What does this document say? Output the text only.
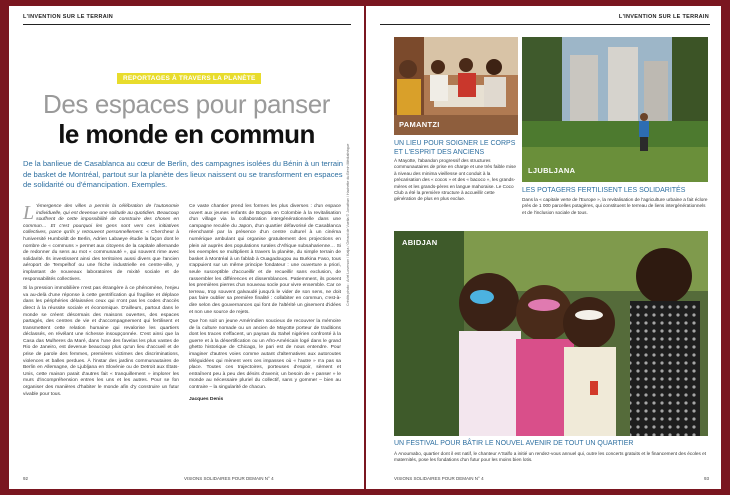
L'INVENTION SUR LE TERRAIN
REPORTAGES À TRAVERS LA PLANÈTE
Des espaces pour panser
le monde en commun
De la banlieue de Casablanca au cœur de Berlin, des campagnes isolées du Bénin à un terrain de basket de Montréal, partout sur la planète des lieux naissent ou se transforment en espaces de solidarité ou d'émancipation. Exemples.

L 'émergence des villes a permis la célébration de l'autonomie individuelle, qui est devenue une solitude au quotidien. Beaucoup souffrent de cette impossibilité de construire des choses en commun… Et c'est pourquoi les gens sont vers ces initiatives collectives, parce qu'ils y retrouvent personnellement. « Chercheur à l'université Humboldt de Berlin, Adrien Labaeye étudie la façon dont le nombre de « communs » permet aux citoyens de la capitale allemande de redonner du sens au mot « communauté », qui souvent rime avec solidarité. Ils investissent ainsi des territoires aussi divers que l'ancien aéroport de Tempelhof ou une friche industrielle en centre-ville, y implantant de nouveaux laboratoires de mixité sociale et de responsabilités collectives.

Si la pression immobilière n'est pas étrangère à ce phénomène, l'enjeu va au-delà d'une réponse à cette gentrification qui fragilise et déplace dans les périphéries délaissées ceux qui n'ont pas les codes d'accès direct à la réussite sociale et économique. D'ailleurs, partout dans le monde se créent désormais des maisons ouvertes, des espaces partagés, des centres de vie et d'accompagnement qui fertilisent et transmettent cette relation humaine qui revalorise les quartiers déclassés, en révélant une richesse insoupçonnée. C'est ainsi que la Casa das Mulheres da Maré, dans l'une des favelas les plus vastes de Rio de Janeiro, est devenue beaucoup plus qu'un lieu d'accueil et de prise de parole des femmes, premières victimes des discriminations, violences et balles perdues. À l'instar des jardins communautaires de Berlin en Allemagne, de Ljubljana en Slovénie ou de Detroit aux États-Unis, cette maison parait d'autres fait « tranquillement » implorer les murs d'incompréhension entres les uns et les autres. Pour se fon organiser des manières d'habiter le monde afin d'y construire un futur vivable pour tous.

Ce vaste chantier prend les formes les plus diverses : d'un espace ouvert aux jeunes enfants de Bogota en Colombie à la revitalisation d'un village via la collaboration intergénérationnelle dans une campagne reculée du Japon, d'un quartier défavorisé de Casablanca réenchanté par la présence d'un centre culturel à un cinéma numérique ambulant qui organise gratuitement des projections en plein air auprès des populations rurales d'Afrique subsaharienne… Si les exemples se multiplient à travers la planète, du simple terrain de basket à Montréal à un fablab à Ouagadougou au Burkina Faso, tous s'appuient sur un même principe fondateur : une ouverture a priori, seule susceptible d'accueillir et de recueillir sans exclusion, de rassembler les différences et dissemblances. Patiemment, ils posent les premières pierres d'un nouveau socle pour vivre ensemble. Car ce terreau, trop souvent galvaudé jusqu'à le vider de son sens, ne doit pas faire oublier sa première finalité : collabiter en commun, c'est-à-dire selon des gouvernances qui font de l'altérité un gisement d'idées et non une source de rejets.

Que l'on soit un jeune Amérindien soucieux de recouvrer la mémoire de la culture nomade ou un ancien de Mayotte porteur de traditions dont les traces s'effacent, un paysan du Sahel nigérien confronté à la guerre et à la désertification ou un Afro-Américain logé dans le grand ghetto historique de Chicago, le pari est de nous entendre. Pour imaginer d'autres voies comme autant d'alternatives aux autoroutes téléguidées qui mènent vers ces impasses où « l'autre » n'a pas sa place. Toutes ces trajectoires, porteuses d'espoir, sèment et entraînent peu à peu des désirs d'avenir, un besoin de « panser » le monde au nécessaire pluriel du collectif, sans y gommer – bien au contraire – la singularité de chacun.

Jacques Denis
Crédits photo : Ariel Loverson / Katja / Gérard de Vuelta © Jonathan / Hachette du Bénin Médiathèque
92	VISIONS SOLIDAIRES POUR DEMAIN N° 4
L'INVENTION SUR LE TERRAIN
PAMANTZI
LJUBLJANA
UN LIEU POUR SOIGNER LE CORPS ET L'ESPRIT DES ANCIENS
À Mayotte, l'abandon progressif des structures communautaires de prise en charge et une très faible mise à niveau des minima vieillesse ont conduit à la précarisation des « cocos » et des « bacoco », les grands-mères et les grands-pères en langue mahoraise. Le Coco Club a été la première structure à accueillir cette génération de plus en plus exclue.
LES POTAGERS FERTILISENT LES SOLIDARITÉS
Dans la « capitale verte de l'Europe », la revitalisation de l'agriculture urbaine a fait éclore près de 1 000 parcelles potagères, qui constituent le terreau de liens intergénérationnels et de l'inclusion sociale de tous.
ABIDJAN
UN FESTIVAL POUR BÂTIR LE NOUVEL AVENIR DE TOUT UN QUARTIER
À Anoumabo, quartier dont il est natif, le chanteur A'Salfo a initié un rendez-vous annuel qui, outre les concerts gratuits et le financement des écoles et maternités, pose les fondations d'un futur pour les moins bien lotis.
VISIONS SOLIDAIRES POUR DEMAIN N° 4	93
